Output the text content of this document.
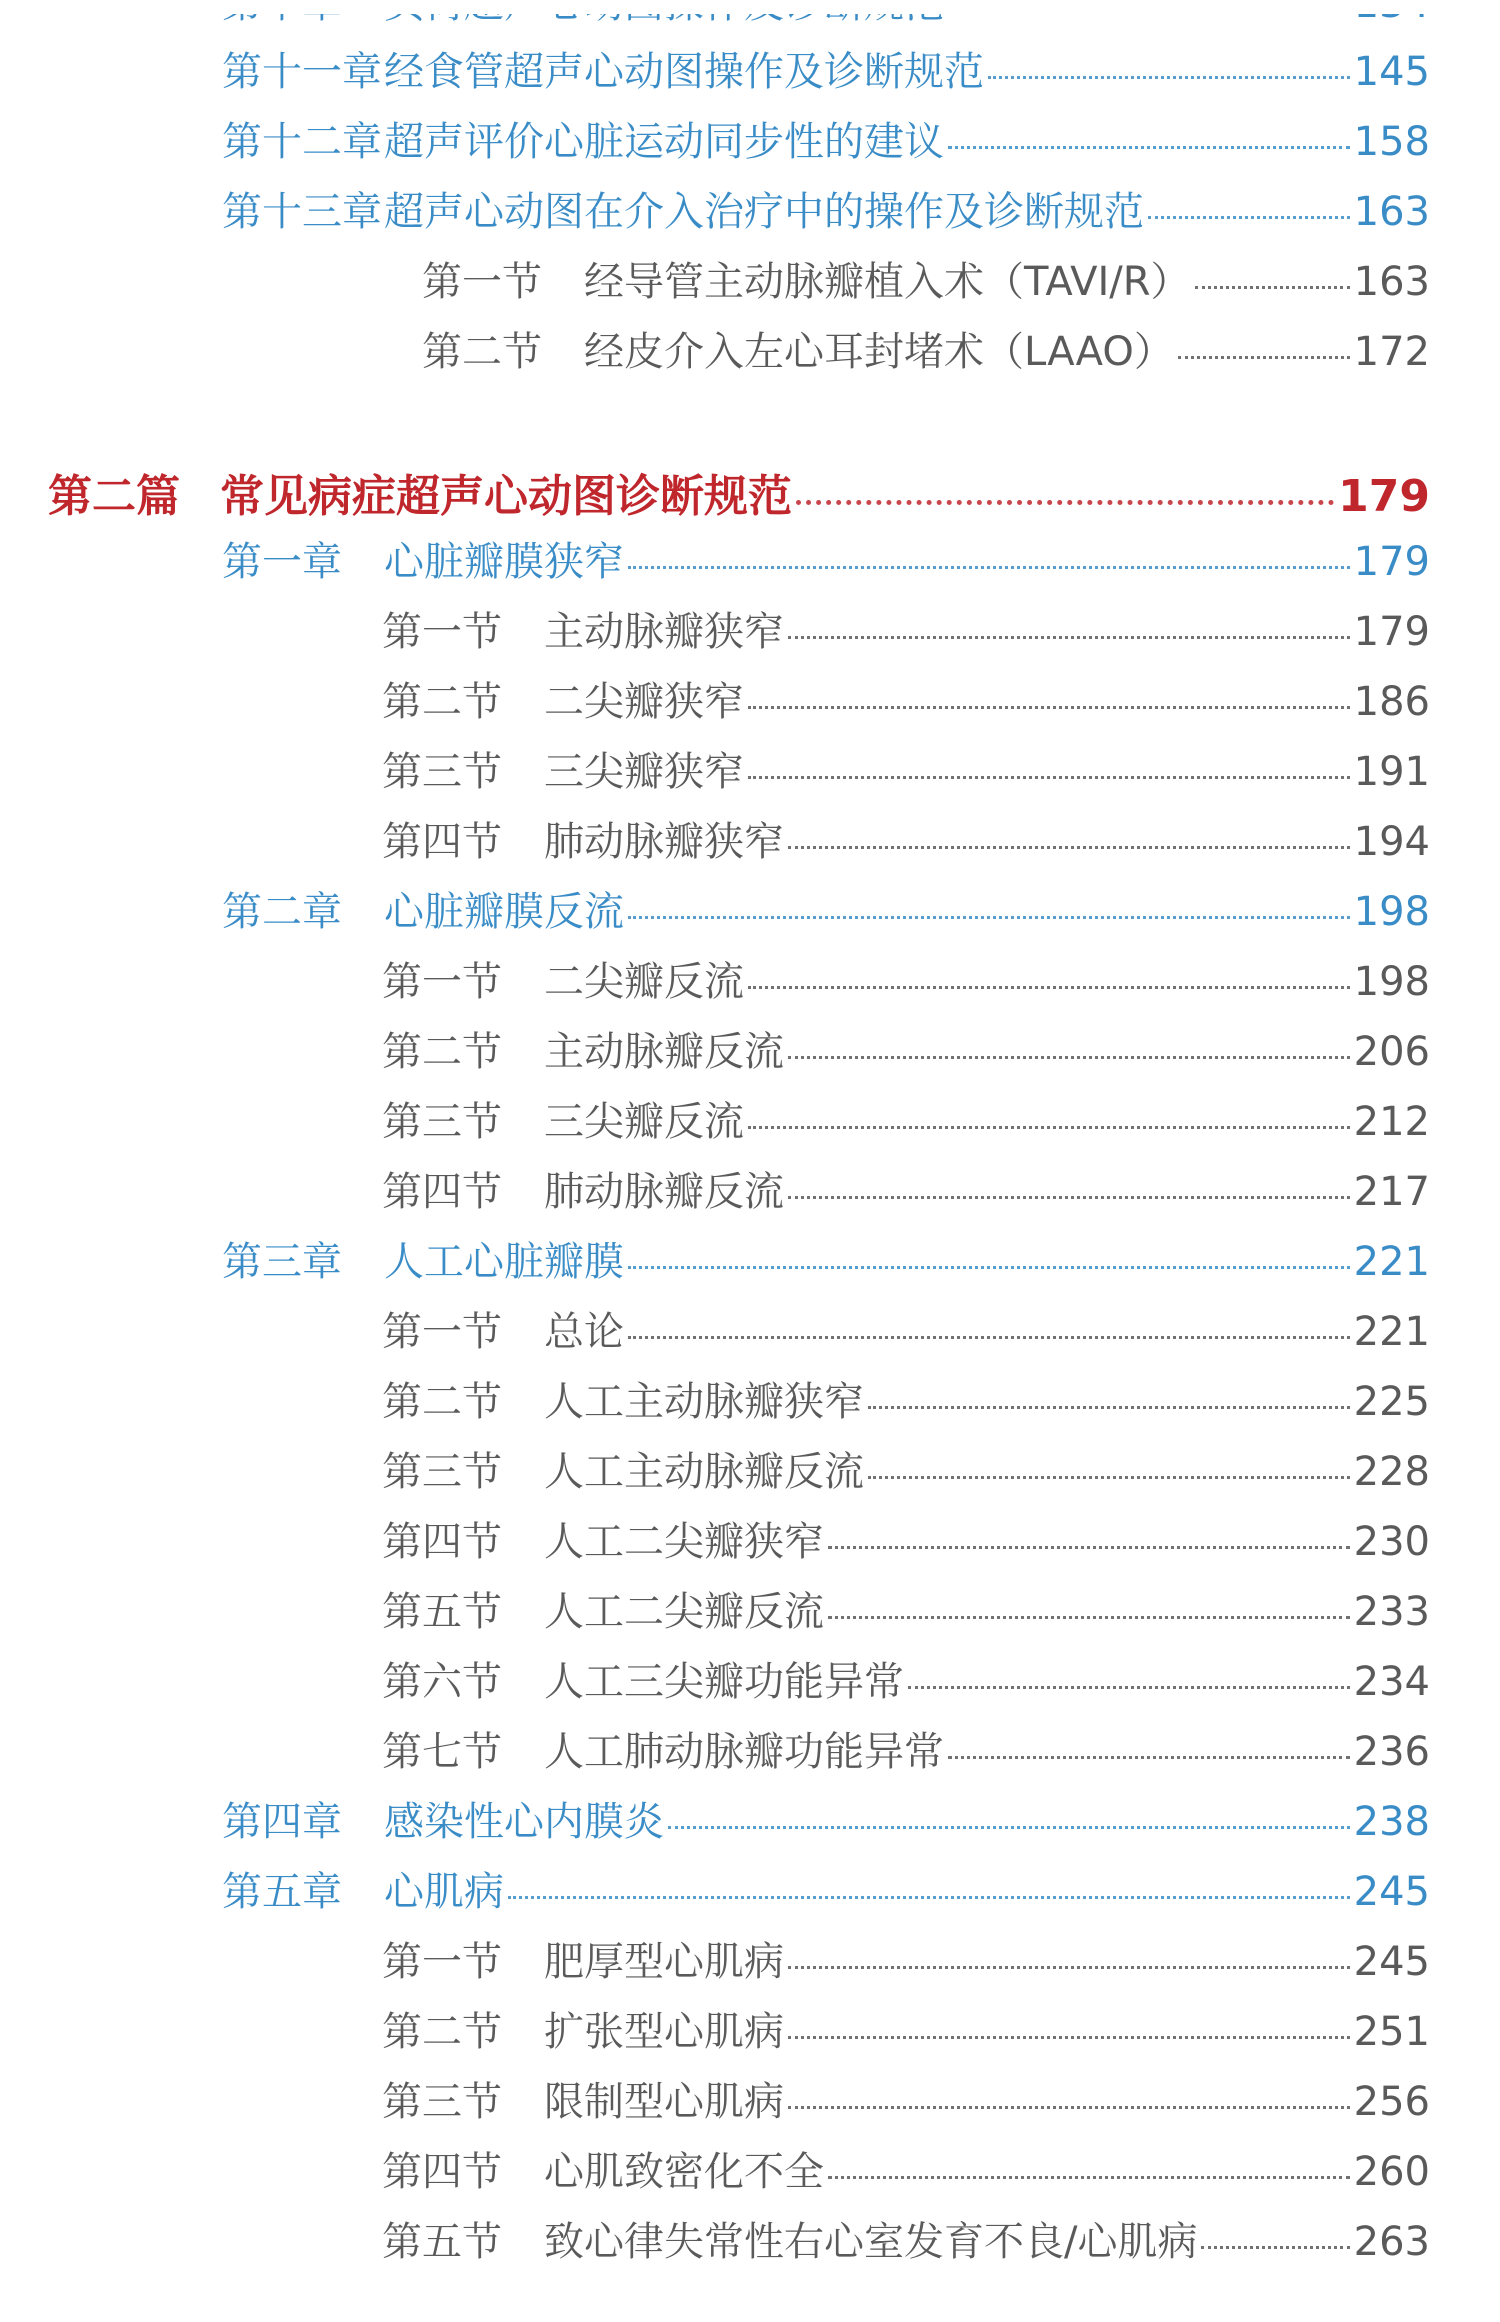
第十一章 经食管超声心动图操作及诊断规范	145
第十二章 超声评价心脏运动同步性的建议	158
第十三章 超声心动图在介入治疗中的操作及诊断规范	163
第一节	经导管主动脉瓣植入术（TAVI/R）	163
第二节	经皮介入左心耳封堵术（LAAO）	172
第二篇 常见病症超声心动图诊断规范	179
第一章	心脏瓣膜狭窄	179
第一节	主动脉瓣狭窄	179
第二节	二尖瓣狭窄	186
第三节	三尖瓣狭窄	191
第四节	肺动脉瓣狭窄	194
第二章	心脏瓣膜反流	198
第一节	二尖瓣反流	198
第二节	主动脉瓣反流	206
第三节	三尖瓣反流	212
第四节	肺动脉瓣反流	217
第三章	人工心脏瓣膜	221
第一节	总论	221
第二节	人工主动脉瓣狭窄	225
第三节	人工主动脉瓣反流	228
第四节	人工二尖瓣狭窄	230
第五节	人工二尖瓣反流	233
第六节	人工三尖瓣功能异常	234
第七节	人工肺动脉瓣功能异常	236
第四章	感染性心内膜炎	238
第五章	心肌病	245
第一节	肥厚型心肌病	245
第二节	扩张型心肌病	251
第三节	限制型心肌病	256
第四节	心肌致密化不全	260
第五节	致心律失常性右心室发育不良/心肌病	263
